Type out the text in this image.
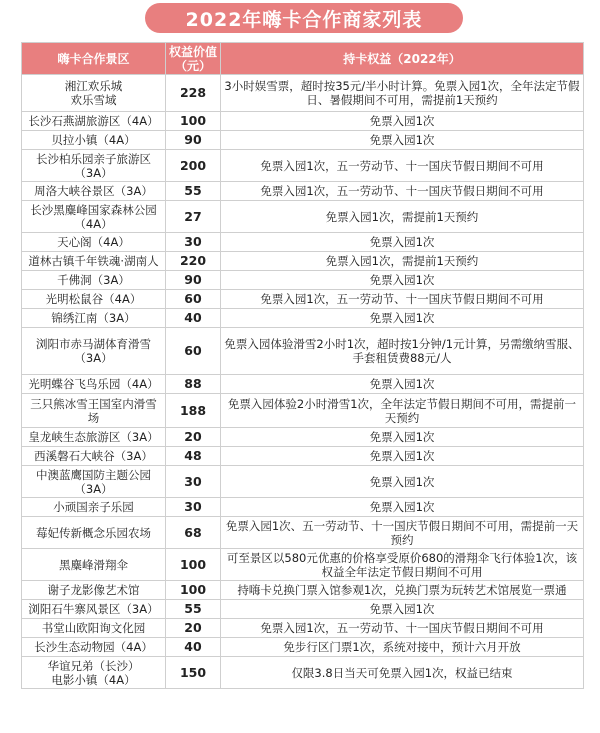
2022年嗨卡合作商家列表
嗨卡合作景区	权益价值（元）	持卡权益（2022年）
湘江欢乐城
欢乐雪域	228	3小时娱雪票，超时按35元/半小时计算。免票入园1次，全年法定节假日、暑假期间不可用，需提前1天预约
长沙石燕湖旅游区（4A）	100	免票入园1次
贝拉小镇（4A）	90	免票入园1次
长沙柏乐园亲子旅游区（3A）	200	免票入园1次，五一劳动节、十一国庆节假日期间不可用
周洛大峡谷景区（3A）	55	免票入园1次，五一劳动节、十一国庆节假日期间不可用
长沙黑麋峰国家森林公园（4A）	27	免票入园1次，需提前1天预约
天心阁（4A）	30	免票入园1次
道林古镇千年铁魂·湖南人	220	免票入园1次，需提前1天预约
千佛洞（3A）	90	免票入园1次
光明松鼠谷（4A）	60	免票入园1次，五一劳动节、十一国庆节假日期间不可用
锦绣江南（3A）	40	免票入园1次
浏阳市赤马湖体育滑雪（3A）	60	免票入园体验滑雪2小时1次，超时按1分钟/1元计算，另需缴纳雪服、手套租赁费88元/人
光明蝶谷飞鸟乐园（4A）	88	免票入园1次
三只熊冰雪王国室内滑雪场	188	免票入园体验2小时滑雪1次，全年法定节假日期间不可用，需提前一天预约
皇龙峡生态旅游区（3A）	20	免票入园1次
西溪磐石大峡谷（3A）	48	免票入园1次
中澳蓝鹰国防主题公园（3A）	30	免票入园1次
小顽国亲子乐园	30	免票入园1次
莓妃传新概念乐园农场	68	免票入园1次、五一劳动节、十一国庆节假日期间不可用，需提前一天预约
黑麋峰滑翔伞	100	可至景区以580元优惠的价格享受原价680的滑翔伞飞行体验1次，该权益全年法定节假日期间不可用
谢子龙影像艺术馆	100	持嗨卡兑换门票入馆参观1次，兑换门票为玩转艺术馆展览一票通
浏阳石牛寨风景区（3A）	55	免票入园1次
书堂山欧阳询文化园	20	免票入园1次，五一劳动节、十一国庆节假日期间不可用
长沙生态动物园（4A）	40	免步行区门票1次，系统对接中，预计六月开放
华谊兄弟（长沙）
电影小镇（4A）	150	仅限3.8日当天可免票入园1次，权益已结束
